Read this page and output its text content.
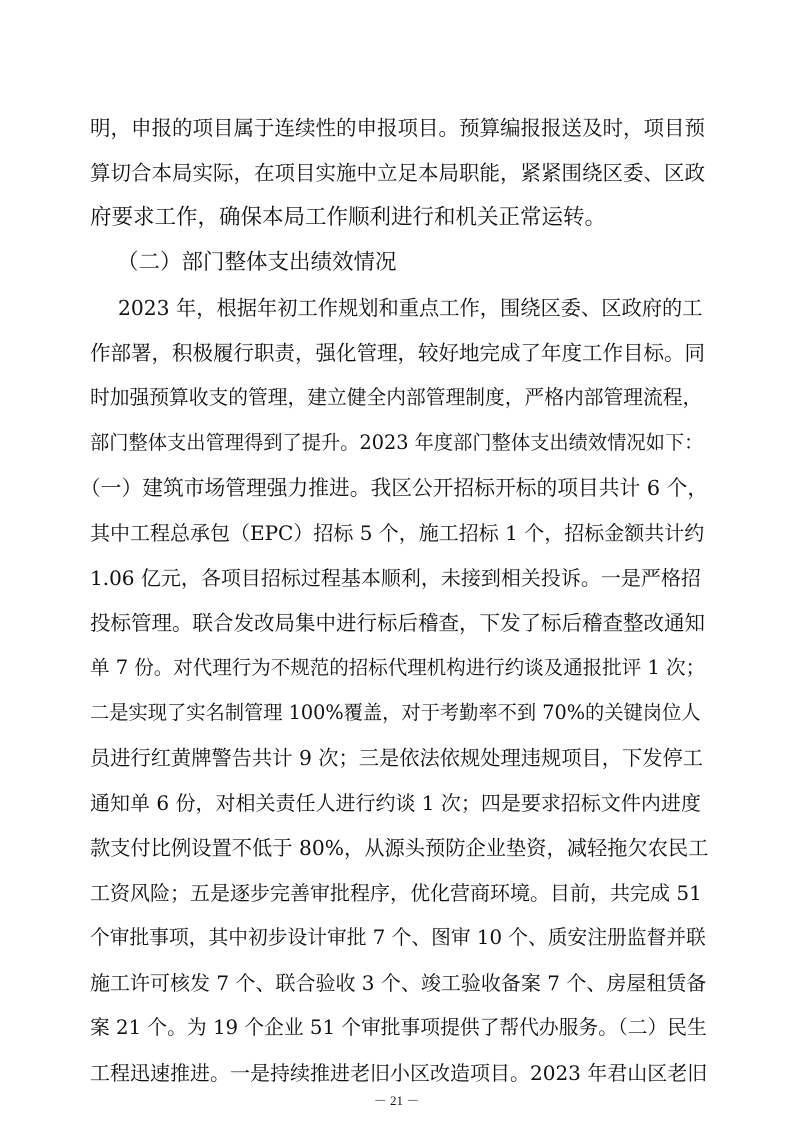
明，申报的项目属于连续性的申报项目。预算编报报送及时，项目预
算切合本局实际，在项目实施中立足本局职能，紧紧围绕区委、区政
府要求工作，确保本局工作顺利进行和机关正常运转。
（二）部门整体支出绩效情况
2023 年，根据年初工作规划和重点工作，围绕区委、区政府的工
作部署，积极履行职责，强化管理，较好地完成了年度工作目标。同
时加强预算收支的管理，建立健全内部管理制度，严格内部管理流程，
部门整体支出管理得到了提升。2023 年度部门整体支出绩效情况如下：
（一）建筑市场管理强力推进。我区公开招标开标的项目共计 6 个，
其中工程总承包（EPC）招标 5 个，施工招标 1 个，招标金额共计约
1.06 亿元，各项目招标过程基本顺利，未接到相关投诉。一是严格招
投标管理。联合发改局集中进行标后稽查，下发了标后稽查整改通知
单 7 份。对代理行为不规范的招标代理机构进行约谈及通报批评 1 次；
二是实现了实名制管理 100%覆盖，对于考勤率不到 70%的关键岗位人
员进行红黄牌警告共计 9 次；三是依法依规处理违规项目，下发停工
通知单 6 份，对相关责任人进行约谈 1 次；四是要求招标文件内进度
款支付比例设置不低于 80%，从源头预防企业垫资，减轻拖欠农民工
工资风险；五是逐步完善审批程序，优化营商环境。目前，共完成 51
个审批事项，其中初步设计审批 7 个、图审 10 个、质安注册监督并联
施工许可核发 7 个、联合验收 3 个、竣工验收备案 7 个、房屋租赁备
案 21 个。为 19 个企业 51 个审批事项提供了帮代办服务。（二）民生
工程迅速推进。一是持续推进老旧小区改造项目。2023 年君山区老旧
－ 21 －
